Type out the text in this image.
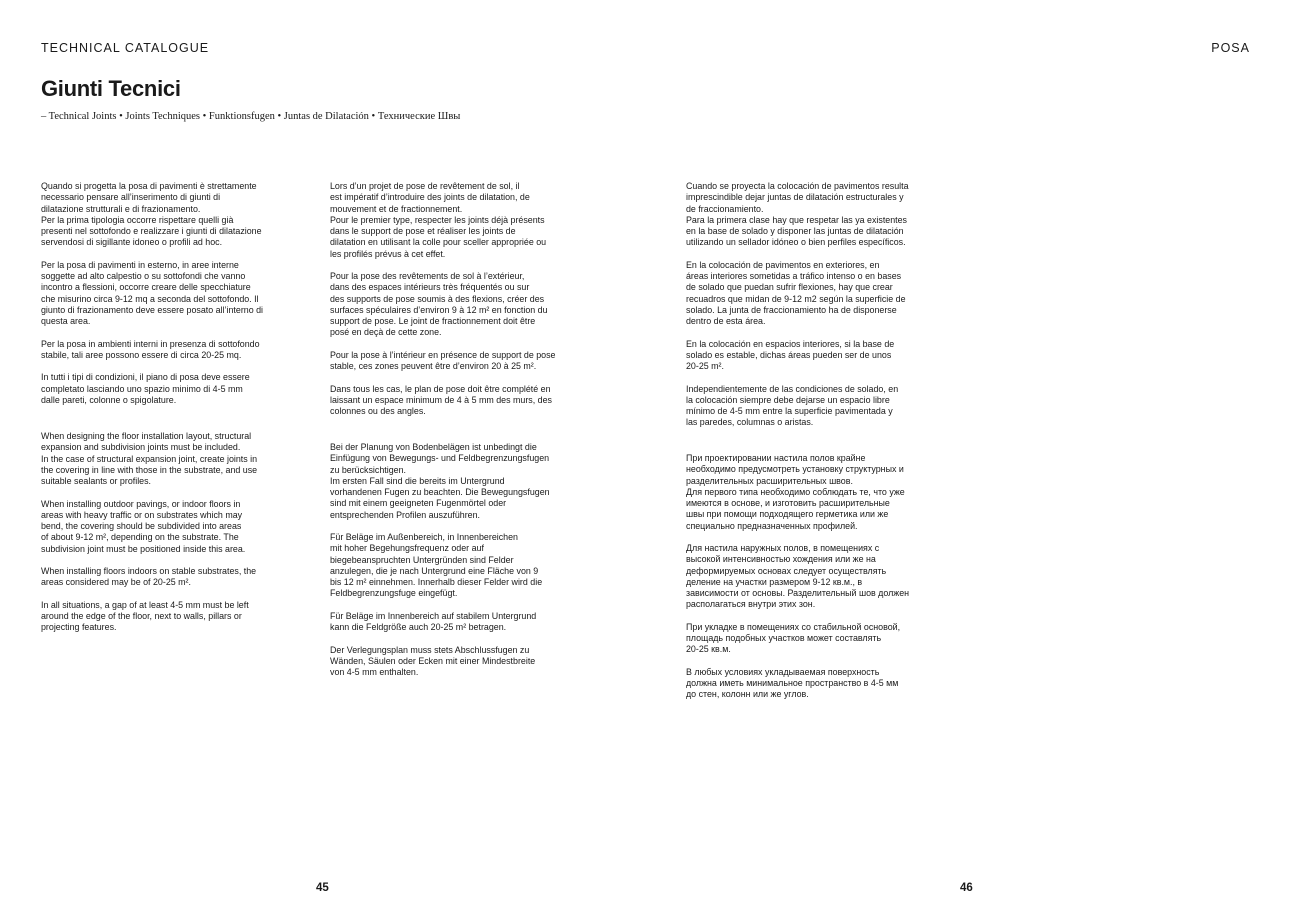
TECHNICAL CATALOGUE	POSA
Giunti Tecnici
– Technical Joints • Joints Techniques • Funktionsfugen • Juntas de Dilatación • Технические Швы

Quando si progetta la posa di pavimenti è strettamente
necessario pensare all’inserimento di giunti di
dilatazione strutturali e di frazionamento.
Per la prima tipologia occorre rispettare quelli già
presenti nel sottofondo e realizzare i giunti di dilatazione
servendosi di sigillante idoneo o profili ad hoc.

Per la posa di pavimenti in esterno, in aree interne
soggette ad alto calpestio o su sottofondi che vanno
incontro a flessioni, occorre creare delle specchiature
che misurino circa 9-12 mq a seconda del sottofondo. Il
giunto di frazionamento deve essere posato all’interno di
questa area.

Per la posa in ambienti interni in presenza di sottofondo
stabile, tali aree possono essere di circa 20-25 mq.

In tutti i tipi di condizioni, il piano di posa deve essere
completato lasciando uno spazio minimo di 4-5 mm
dalle pareti, colonne o spigolature.

When designing the floor installation layout, structural
expansion and subdivision joints must be included.
In the case of structural expansion joint, create joints in
the covering in line with those in the substrate, and use
suitable sealants or profiles.

When installing outdoor pavings, or indoor floors in
areas with heavy traffic or on substrates which may
bend, the covering should be subdivided into areas
of about 9-12 m², depending on the substrate. The
subdivision joint must be positioned inside this area.

When installing floors indoors on stable substrates, the
areas considered may be of 20-25 m².

In all situations, a gap of at least 4-5 mm must be left
around the edge of the floor, next to walls, pillars or
projecting features.

Lors d’un projet de pose de revêtement de sol, il
est impératif d’introduire des joints de dilatation, de
mouvement et de fractionnement.
Pour le premier type, respecter les joints déjà présents
dans le support de pose et réaliser les joints de
dilatation en utilisant la colle pour sceller appropriée ou
les profilés prévus à cet effet.

Pour la pose des revêtements de sol à l’extérieur,
dans des espaces intérieurs très fréquentés ou sur
des supports de pose soumis à des flexions, créer des
surfaces spéculaires d’environ 9 à 12 m² en fonction du
support de pose. Le joint de fractionnement doit être
posé en deçà de cette zone.

Pour la pose à l’intérieur en présence de support de pose
stable, ces zones peuvent être d’environ 20 à 25 m².

Dans tous les cas, le plan de pose doit être complété en
laissant un espace minimum de 4 à 5 mm des murs, des
colonnes ou des angles.

Bei der Planung von Bodenbelägen ist unbedingt die
Einfügung von Bewegungs- und Feldbegrenzungsfugen
zu berücksichtigen.
Im ersten Fall sind die bereits im Untergrund
vorhandenen Fugen zu beachten. Die Bewegungsfugen
sind mit einem geeigneten Fugenmörtel oder
entsprechenden Profilen auszuführen.

Für Beläge im Außenbereich, in Innenbereichen
mit hoher Begehungsfrequenz oder auf
biegebeanspruchten Untergründen sind Felder
anzulegen, die je nach Untergrund eine Fläche von 9
bis 12 m² einnehmen. Innerhalb dieser Felder wird die
Feldbegrenzungsfuge eingefügt.

Für Beläge im Innenbereich auf stabilem Untergrund
kann die Feldgröße auch 20-25 m² betragen.

Der Verlegungsplan muss stets Abschlussfugen zu
Wänden, Säulen oder Ecken mit einer Mindestbreite
von 4-5 mm enthalten.

Cuando se proyecta la colocación de pavimentos resulta
imprescindible dejar juntas de dilatación estructurales y
de fraccionamiento.
Para la primera clase hay que respetar las ya existentes
en la base de solado y disponer las juntas de dilatación
utilizando un sellador idóneo o bien perfiles específicos.

En la colocación de pavimentos en exteriores, en
áreas interiores sometidas a tráfico intenso o en bases
de solado que puedan sufrir flexiones, hay que crear
recuadros que midan de 9-12 m2 según la superficie de
solado. La junta de fraccionamiento ha de disponerse
dentro de esta área.

En la colocación en espacios interiores, si la base de
solado es estable, dichas áreas pueden ser de unos
20-25 m².

Independientemente de las condiciones de solado, en
la colocación siempre debe dejarse un espacio libre
mínimo de 4-5 mm entre la superficie pavimentada y
las paredes, columnas o aristas.

При проектировании настила полов крайне
необходимо предусмотреть установку структурных и
разделительных расширительных швов.
Для первого типа необходимо соблюдать те, что уже
имеются в основе, и изготовить расширительные
швы при помощи подходящего герметика или же
специально предназначенных профилей.

Для настила наружных полов, в помещениях с
высокой интенсивностью хождения или же на
деформируемых основах следует осуществлять
деление на участки размером 9-12 кв.м., в
зависимости от основы. Разделительный шов должен
располагаться внутри этих зон.

При укладке в помещениях со стабильной основой,
площадь подобных участков может составлять
20-25 кв.м.

В любых условиях укладываемая поверхность
должна иметь минимальное пространство в 4-5 мм
до стен, колонн или же углов.

45	46
